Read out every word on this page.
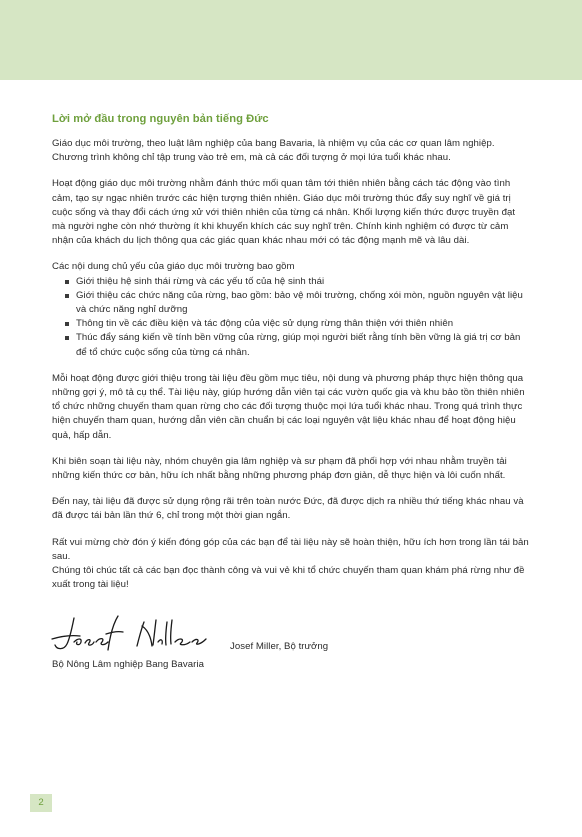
Lời mở đầu trong nguyên bản tiếng Đức

Giáo dục môi trường, theo luật lâm nghiệp của bang Bavaria, là nhiệm vụ của các cơ quan lâm nghiệp. Chương trình không chỉ tập trung vào trẻ em, mà cả các đối tượng ở mọi lứa tuổi khác nhau.

Hoạt động giáo dục môi trường nhằm đánh thức mối quan tâm tới thiên nhiên bằng cách tác động vào tình cảm, tạo sự ngạc nhiên trước các hiện tượng thiên nhiên. Giáo dục môi trường thúc đẩy suy nghĩ về giá trị cuộc sống và thay đổi cách ứng xử với thiên nhiên của từng cá nhân. Khối lượng kiến thức được truyền đạt mà người nghe còn nhớ thường ít khi khuyến khích các suy nghĩ trên. Chính kinh nghiệm có được từ cảm nhận của khách du lịch thông qua các giác quan khác nhau mới có tác động mạnh mẽ và lâu dài.

Các nội dung chủ yếu của giáo dục môi trường bao gồm

Giới thiệu hệ sinh thái rừng và các yếu tố của hệ sinh thái
Giới thiệu các chức năng của rừng, bao gồm: bảo vệ môi trường, chống xói mòn, nguồn nguyên vật liệu và chức năng nghỉ dưỡng
Thông tin về các điều kiện và tác động của việc sử dụng rừng thân thiện với thiên nhiên
Thúc đẩy sáng kiến về tính bền vững của rừng, giúp mọi người biết rằng tính bền vững là giá trị cơ bản để tổ chức cuộc sống của từng cá nhân.

Mỗi hoạt động được giới thiệu trong tài liệu đều gồm mục tiêu, nội dung và phương pháp thực hiện thông qua những gợi ý, mô tả cụ thể. Tài liệu này, giúp hướng dẫn viên tại các vườn quốc gia và khu bảo tồn thiên nhiên tổ chức những chuyến tham quan rừng cho các đối tượng thuộc mọi lứa tuổi khác nhau. Trong quá trình thực hiện chuyến tham quan, hướng dẫn viên cần chuẩn bị các loại nguyên vật liệu khác nhau để hoạt động hiệu quả, hấp dẫn.

Khi biên soạn tài liệu này, nhóm chuyên gia lâm nghiệp và sư phạm đã phối hợp với nhau nhằm truyền tải những kiến thức cơ bản, hữu ích nhất bằng những phương pháp đơn giản, dễ thực hiện và lôi cuốn nhất.

Đến nay, tài liệu đã được sử dụng rộng rãi trên toàn nước Đức, đã được dịch ra nhiều thứ tiếng khác nhau và đã được tái bản lần thứ 6, chỉ trong một thời gian ngắn.

Rất vui mừng chờ đón ý kiến đóng góp của các bạn để tài liệu này sẽ hoàn thiện, hữu ích hơn trong lần tái bản sau.

Chúng tôi chúc tất cả các bạn đọc thành công và vui vẻ khi tổ chức chuyến tham quan khám phá rừng như đề xuất trong tài liệu!

Josef Miller, Bộ trưởng
Bộ Nông Lâm nghiệp Bang Bavaria
2
